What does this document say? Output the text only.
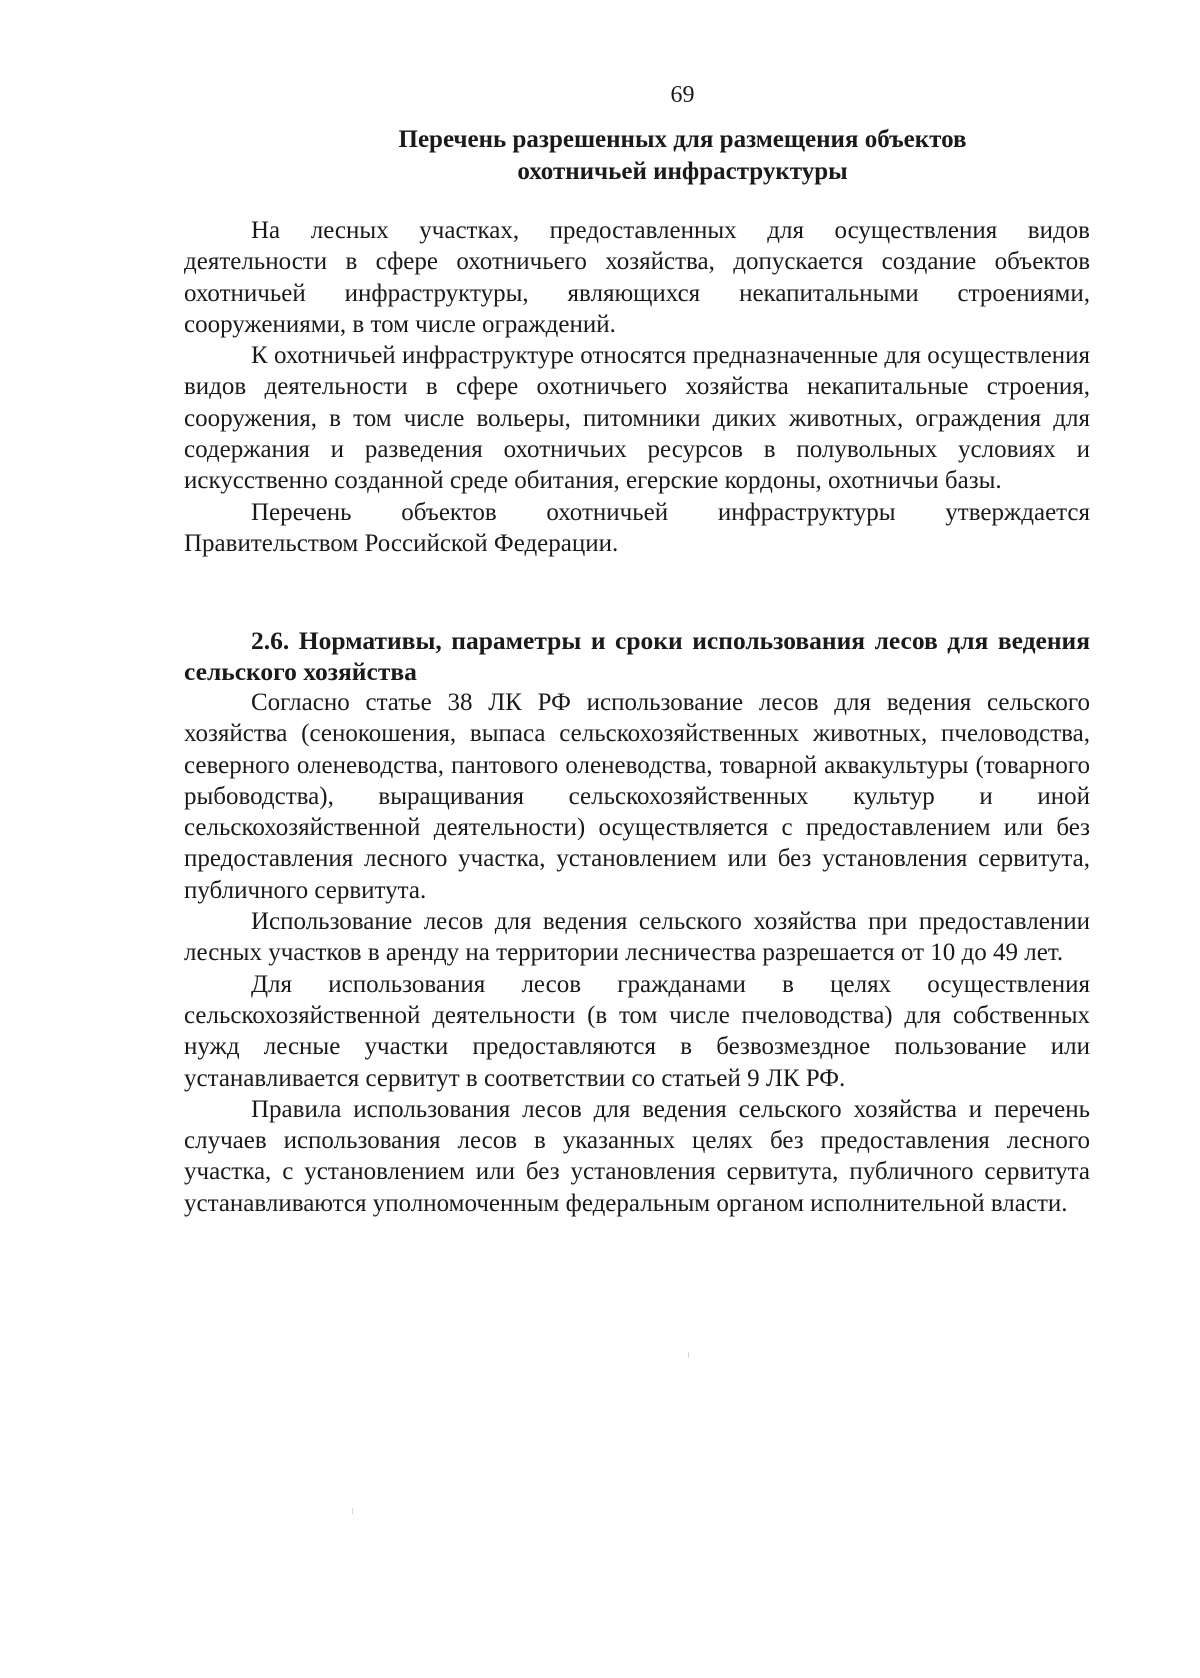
69
Перечень разрешенных для размещения объектов
охотничьей инфраструктуры

На лесных участках, предоставленных для осуществления видов деятельности в сфере охотничьего хозяйства, допускается создание объектов охотничьей инфраструктуры, являющихся некапитальными строениями, сооружениями, в том числе ограждений.

К охотничьей инфраструктуре относятся предназначенные для осуществления видов деятельности в сфере охотничьего хозяйства некапитальные строения, сооружения, в том числе вольеры, питомники диких животных, ограждения для содержания и разведения охотничьих ресурсов в полувольных условиях и искусственно созданной среде обитания, егерские кордоны, охотничьи базы.

Перечень объектов охотничьей инфраструктуры утверждается Правительством Российской Федерации.

2.6. Нормативы, параметры и сроки использования лесов для ведения сельского хозяйства

Согласно статье 38 ЛК РФ использование лесов для ведения сельского хозяйства (сенокошения, выпаса сельскохозяйственных животных, пчеловодства, северного оленеводства, пантового оленеводства, товарной аквакультуры (товарного рыбоводства), выращивания сельскохозяйственных культур и иной сельскохозяйственной деятельности) осуществляется с предоставлением или без предоставления лесного участка, установлением или без установления сервитута, публичного сервитута.

Использование лесов для ведения сельского хозяйства при предоставлении лесных участков в аренду на территории лесничества разрешается от 10 до 49 лет.

Для использования лесов гражданами в целях осуществления сельскохозяйственной деятельности (в том числе пчеловодства) для собственных нужд лесные участки предоставляются в безвозмездное пользование или устанавливается сервитут в соответствии со статьей 9 ЛК РФ.

Правила использования лесов для ведения сельского хозяйства и перечень случаев использования лесов в указанных целях без предоставления лесного участка, с установлением или без установления сервитута, публичного сервитута устанавливаются уполномоченным федеральным органом исполнительной власти.
